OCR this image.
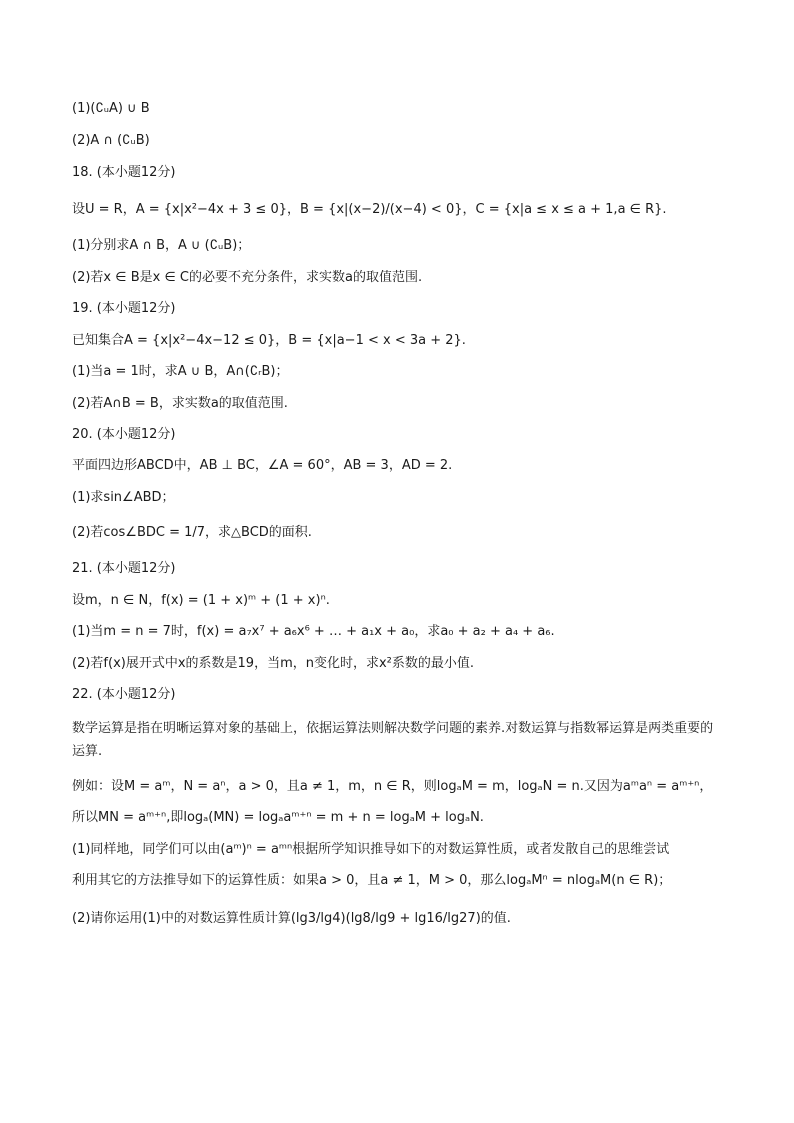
(1)(∁ᵤA) ∪ B
(2)A ∩ (∁ᵤB)
18. (本小题12分)
设U = R，A = {x|x²−4x + 3 ≤ 0}，B = {x|(x−2)/(x−4) < 0}，C = {x|a ≤ x ≤ a + 1,a ∈ R}.
(1)分别求A ∩ B，A ∪ (∁ᵤB)；
(2)若x ∈ B是x ∈ C的必要不充分条件，求实数a的取值范围.
19. (本小题12分)
已知集合A = {x|x²−4x−12 ≤ 0}，B = {x|a−1 < x < 3a + 2}.
(1)当a = 1时，求A ∪ B，A∩(∁ᵣB)；
(2)若A∩B = B，求实数a的取值范围.
20. (本小题12分)
平面四边形ABCD中，AB ⊥ BC，∠A = 60°，AB = 3，AD = 2.
(1)求sin∠ABD；
(2)若cos∠BDC = 1/7，求△BCD的面积.
21. (本小题12分)
设m，n ∈ N，f(x) = (1 + x)ᵐ + (1 + x)ⁿ.
(1)当m = n = 7时，f(x) = a₇x⁷ + a₆x⁶ + … + a₁x + a₀，求a₀ + a₂ + a₄ + a₆.
(2)若f(x)展开式中x的系数是19，当m，n变化时，求x²系数的最小值.
22. (本小题12分)
数学运算是指在明晰运算对象的基础上，依据运算法则解决数学问题的素养.对数运算与指数幂运算是两类重要的运算.
例如：设M = aᵐ，N = aⁿ，a > 0，且a ≠ 1，m，n ∈ R，则logₐM = m，logₐN = n.又因为aᵐaⁿ = aᵐ⁺ⁿ，
所以MN = aᵐ⁺ⁿ,即logₐ(MN) = logₐaᵐ⁺ⁿ = m + n = logₐM + logₐN.
(1)同样地，同学们可以由(aᵐ)ⁿ = aᵐⁿ根据所学知识推导如下的对数运算性质，或者发散自己的思维尝试
利用其它的方法推导如下的运算性质：如果a > 0，且a ≠ 1，M > 0，那么logₐMⁿ = nlogₐM(n ∈ R)；
(2)请你运用(1)中的对数运算性质计算(lg3/lg4)(lg8/lg9 + lg16/lg27)的值.
